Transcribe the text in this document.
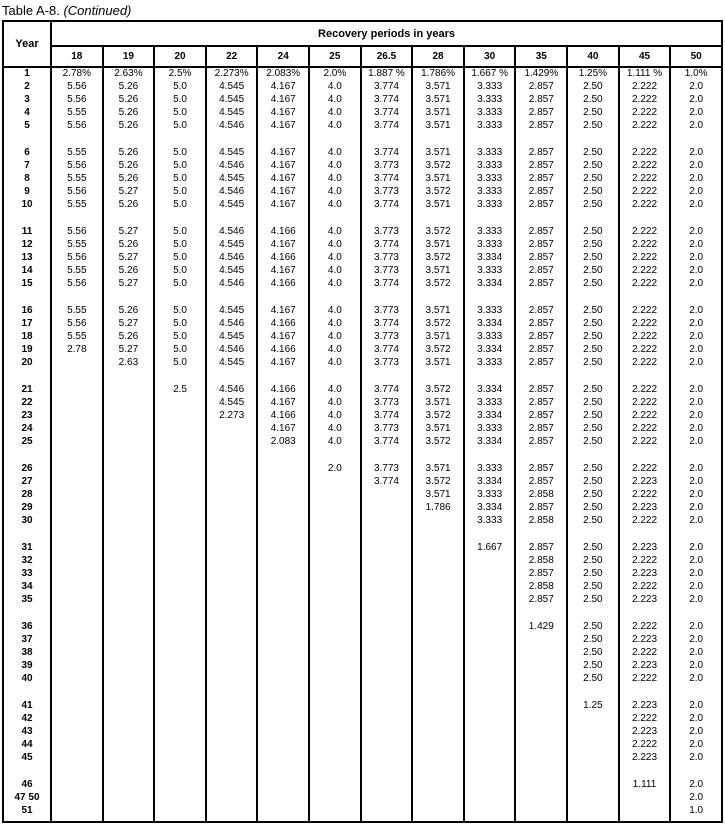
Table A-8. (Continued)
Year	Recovery periods in years												
	18	19	20	22	24	25	26.5	28	30	35	40	45	50
1	2.78%	2.63%	2.5%	2.273%	2.083%	2.0%	1.887 %	1.786%	1.667 %	1.429%	1.25%	1.111 %	1.0%
2	5.56	5.26	5.0	4.545	4.167	4.0	3.774	3.571	3.333	2.857	2.50	2.222	2.0
3	5.56	5.26	5.0	4.545	4.167	4.0	3.774	3.571	3.333	2.857	2.50	2.222	2.0
4	5.55	5.26	5.0	4.545	4.167	4.0	3.774	3.571	3.333	2.857	2.50	2.222	2.0
5	5.56	5.26	5.0	4.546	4.167	4.0	3.774	3.571	3.333	2.857	2.50	2.222	2.0

6	5.55	5.26	5.0	4.545	4.167	4.0	3.774	3.571	3.333	2.857	2.50	2.222	2.0
7	5.56	5.26	5.0	4.546	4.167	4.0	3.773	3.572	3.333	2.857	2.50	2.222	2.0
8	5.55	5.26	5.0	4.545	4.167	4.0	3.774	3.571	3.333	2.857	2.50	2.222	2.0
9	5.56	5.27	5.0	4.546	4.167	4.0	3.773	3.572	3.333	2.857	2.50	2.222	2.0
10	5.55	5.26	5.0	4.545	4.167	4.0	3.774	3.571	3.333	2.857	2.50	2.222	2.0

11	5.56	5.27	5.0	4.546	4.166	4.0	3.773	3.572	3.333	2.857	2.50	2.222	2.0
12	5.55	5.26	5.0	4.545	4.167	4.0	3.774	3.571	3.333	2.857	2.50	2.222	2.0
13	5.56	5.27	5.0	4.546	4.166	4.0	3.773	3.572	3.334	2.857	2.50	2.222	2.0
14	5.55	5.26	5.0	4.545	4.167	4.0	3.773	3.571	3.333	2.857	2.50	2.222	2.0
15	5.56	5.27	5.0	4.546	4.166	4.0	3.774	3.572	3.334	2.857	2.50	2.222	2.0

16	5.55	5.26	5.0	4.545	4.167	4.0	3.773	3.571	3.333	2.857	2.50	2.222	2.0
17	5.56	5.27	5.0	4.546	4.166	4.0	3.774	3.572	3.334	2.857	2.50	2.222	2.0
18	5.55	5.26	5.0	4.545	4.167	4.0	3.773	3.571	3.333	2.857	2.50	2.222	2.0
19	2.78	5.27	5.0	4.546	4.166	4.0	3.774	3.572	3.334	2.857	2.50	2.222	2.0
20		2.63	5.0	4.545	4.167	4.0	3.773	3.571	3.333	2.857	2.50	2.222	2.0

21			2.5	4.546	4.166	4.0	3.774	3.572	3.334	2.857	2.50	2.222	2.0
22				4.545	4.167	4.0	3.773	3.571	3.333	2.857	2.50	2.222	2.0
23				2.273	4.166	4.0	3.774	3.572	3.334	2.857	2.50	2.222	2.0
24					4.167	4.0	3.773	3.571	3.333	2.857	2.50	2.222	2.0
25					2.083	4.0	3.774	3.572	3.334	2.857	2.50	2.222	2.0

26						2.0	3.773	3.571	3.333	2.857	2.50	2.222	2.0
27							3.774	3.572	3.334	2.857	2.50	2.223	2.0
28								3.571	3.333	2.858	2.50	2.222	2.0
29								1.786	3.334	2.857	2.50	2.223	2.0
30									3.333	2.858	2.50	2.222	2.0

31									1.667	2.857	2.50	2.223	2.0
32										2.858	2.50	2.222	2.0
33										2.857	2.50	2.223	2.0
34										2.858	2.50	2.222	2.0
35										2.857	2.50	2.223	2.0

36										1.429	2.50	2.222	2.0
37											2.50	2.223	2.0
38											2.50	2.222	2.0
39											2.50	2.223	2.0
40											2.50	2.222	2.0

41											1.25	2.223	2.0
42												2.222	2.0
43												2.223	2.0
44												2.222	2.0
45												2.223	2.0

46												1.111	2.0
47 50													2.0
51													1.0
